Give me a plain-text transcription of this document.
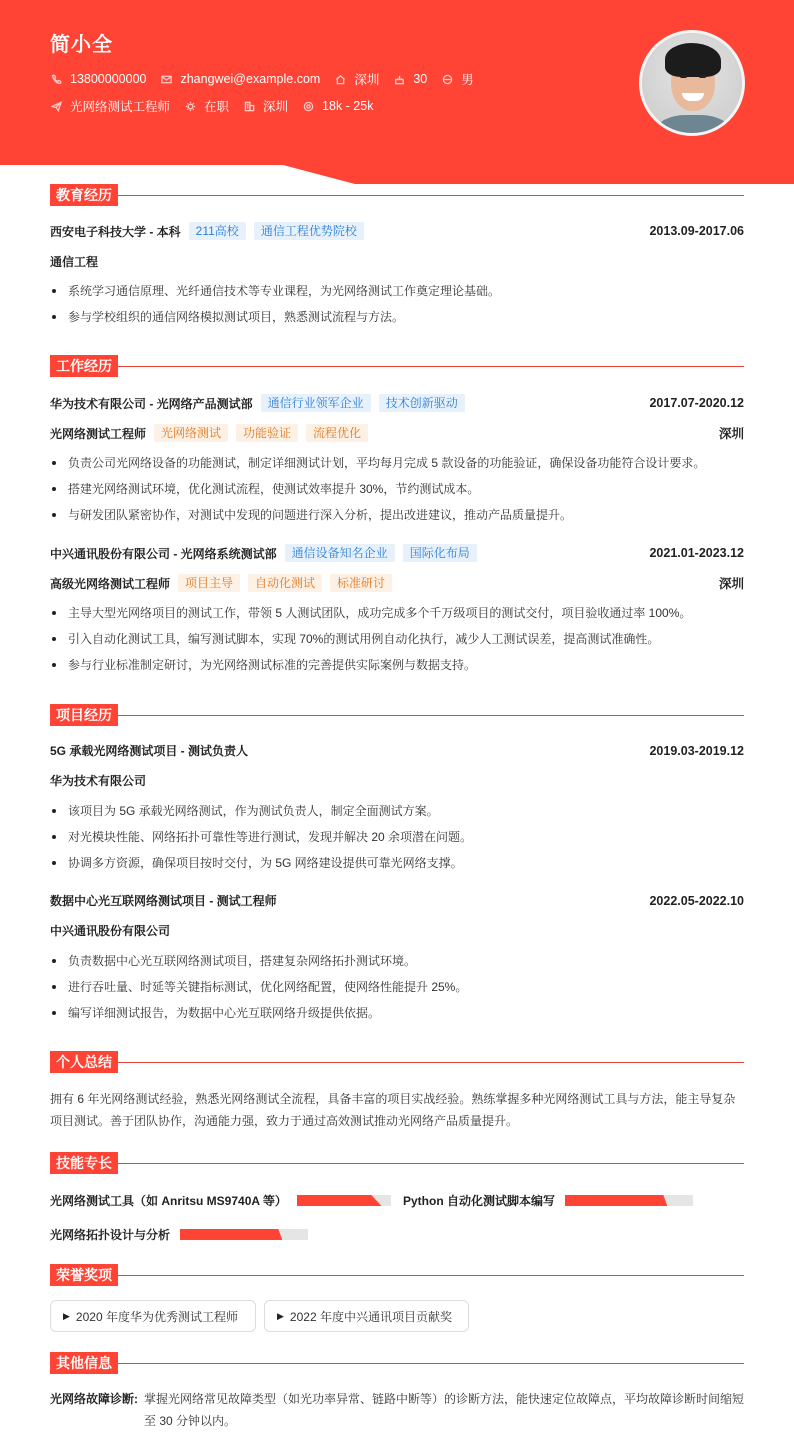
简小全
13800000000	zhangwei@example.com	深圳	30	男
光网络测试工程师	在职	深圳	18k - 25k
教育经历
西安电子科技大学 - 本科	211高校	通信工程优势院校	2013.09-2017.06
通信工程
系统学习通信原理、光纤通信技术等专业课程，为光网络测试工作奠定理论基础。
参与学校组织的通信网络模拟测试项目，熟悉测试流程与方法。
工作经历
华为技术有限公司 - 光网络产品测试部	通信行业领军企业	技术创新驱动	2017.07-2020.12
光网络测试工程师	光网络测试	功能验证	流程优化	深圳
负责公司光网络设备的功能测试，制定详细测试计划，平均每月完成 5 款设备的功能验证，确保设备功能符合设计要求。
搭建光网络测试环境，优化测试流程，使测试效率提升 30%，节约测试成本。
与研发团队紧密协作，对测试中发现的问题进行深入分析，提出改进建议，推动产品质量提升。
中兴通讯股份有限公司 - 光网络系统测试部	通信设备知名企业	国际化布局	2021.01-2023.12
高级光网络测试工程师	项目主导	自动化测试	标准研讨	深圳
主导大型光网络项目的测试工作，带领 5 人测试团队，成功完成多个千万级项目的测试交付，项目验收通过率 100%。
引入自动化测试工具，编写测试脚本，实现 70%的测试用例自动化执行，减少人工测试误差，提高测试准确性。
参与行业标准制定研讨，为光网络测试标准的完善提供实际案例与数据支持。
项目经历
5G 承载光网络测试项目 - 测试负责人	2019.03-2019.12
华为技术有限公司
该项目为 5G 承载光网络测试，作为测试负责人，制定全面测试方案。
对光模块性能、网络拓扑可靠性等进行测试，发现并解决 20 余项潜在问题。
协调多方资源，确保项目按时交付，为 5G 网络建设提供可靠光网络支撑。
数据中心光互联网络测试项目 - 测试工程师	2022.05-2022.10
中兴通讯股份有限公司
负责数据中心光互联网络测试项目，搭建复杂网络拓扑测试环境。
进行吞吐量、时延等关键指标测试，优化网络配置，使网络性能提升 25%。
编写详细测试报告，为数据中心光互联网络升级提供依据。
个人总结
拥有 6 年光网络测试经验，熟悉光网络测试全流程，具备丰富的项目实战经验。熟练掌握多种光网络测试工具与方法，能主导复杂项目测试。善于团队协作，沟通能力强，致力于通过高效测试推动光网络产品质量提升。
技能专长
光网络测试工具（如 Anritsu MS9740A 等）	Python 自动化测试脚本编写
光网络拓扑设计与分析
荣誉奖项
▶ 2020 年度华为优秀测试工程师	▶ 2022 年度中兴通讯项目贡献奖
其他信息
光网络故障诊断: 掌握光网络常见故障类型（如光功率异常、链路中断等）的诊断方法，能快速定位故障点，平均故障诊断时间缩短至 30 分钟以内。
